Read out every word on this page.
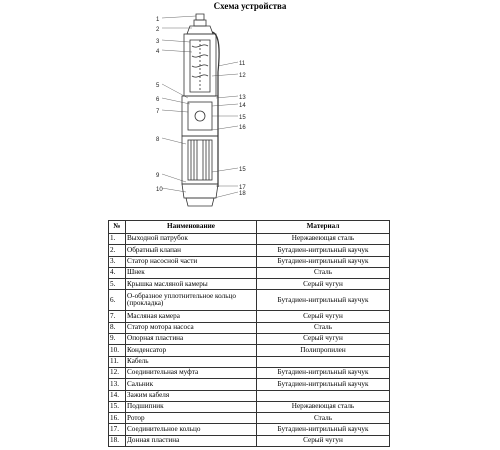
Схема устройства
1
2
3
4
5
6
7
8
9
10
11
12
13
14
15
16
15
17
18
№	Наименование	Материал
1.	Выходной патрубок	Нержавеющая сталь
2.	Обратный клапан	Бутадиен-нитрильный каучук
3.	Статор насосной части	Бутадиен-нитрильный каучук
4.	Шнек	Сталь
5.	Крышка масляной камеры	Серый чугун
6.	О-образное уплотнительное кольцо (прокладка)	Бутадиен-нитрильный каучук
7.	Масляная камера	Серый чугун
8.	Статор мотора насоса	Сталь
9.	Опорная пластина	Серый чугун
10.	Конденсатор	Полипропилен
11.	Кабель	
12.	Соединительная муфта	Бутадиен-нитрильный каучук
13.	Сальник	Бутадиен-нитрильный каучук
14.	Зажим кабеля	
15.	Подшипник	Нержавеющая сталь
16.	Ротор	Сталь
17.	Соединительное кольцо	Бутадиен-нитрильный каучук
18.	Донная пластина	Серый чугун
